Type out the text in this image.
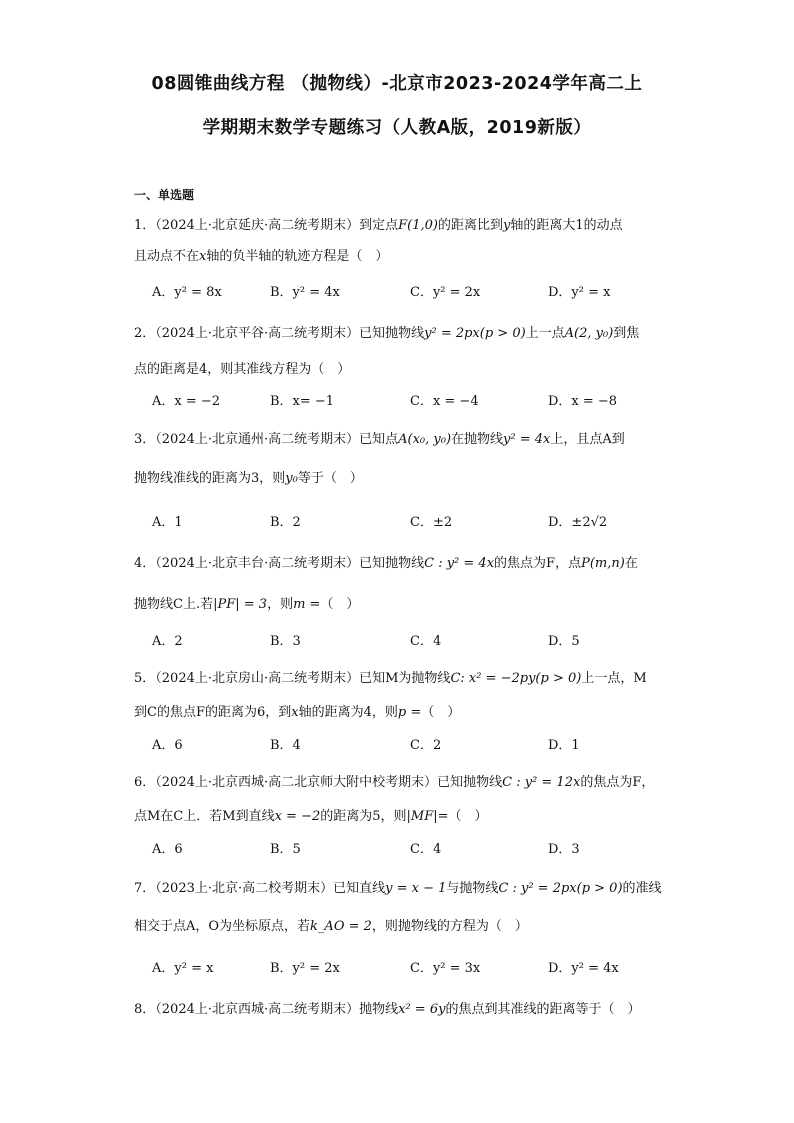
08圆锥曲线方程 （抛物线）-北京市2023-2024学年高二上
学期期末数学专题练习（人教A版，2019新版）
一、单选题
1．（2024上·北京延庆·高二统考期末）到定点F(1,0)的距离比到y轴的距离大1的动点
且动点不在x轴的负半轴的轨迹方程是（　）
A．y² = 8x	B．y² = 4x	C．y² = 2x	D．y² = x
2．（2024上·北京平谷·高二统考期末）已知抛物线y² = 2px(p > 0)上一点A(2, y₀)到焦
点的距离是4，则其准线方程为（　）
A．x = −2	B．x= −1	C．x = −4	D．x = −8
3．（2024上·北京通州·高二统考期末）已知点A(x₀, y₀)在抛物线y² = 4x上，且点A到
抛物线准线的距离为3，则y₀等于（　）
A．1	B．2	C．±2	D．±2√2
4．（2024上·北京丰台·高二统考期末）已知抛物线C : y² = 4x的焦点为F，点P(m,n)在
抛物线C上.若|PF| = 3，则m =（　）
A．2	B．3	C．4	D．5
5．（2024上·北京房山·高二统考期末）已知M为抛物线C: x² = −2py(p > 0)上一点，M
到C的焦点F的距离为6，到x轴的距离为4，则p =（　）
A．6	B．4	C．2	D．1
6．（2024上·北京西城·高二北京师大附中校考期末）已知抛物线C : y² = 12x的焦点为F，
点M在C上．若M到直线x = −2的距离为5，则|MF|=（　）
A．6	B．5	C．4	D．3
7．（2023上·北京·高二校考期末）已知直线y = x − 1与抛物线C : y² = 2px(p > 0)的准线
相交于点A，O为坐标原点，若k_AO = 2，则抛物线的方程为（　）
A．y² = x	B．y² = 2x	C．y² = 3x	D．y² = 4x
8．（2024上·北京西城·高二统考期末）抛物线x² = 6y的焦点到其准线的距离等于（　）
